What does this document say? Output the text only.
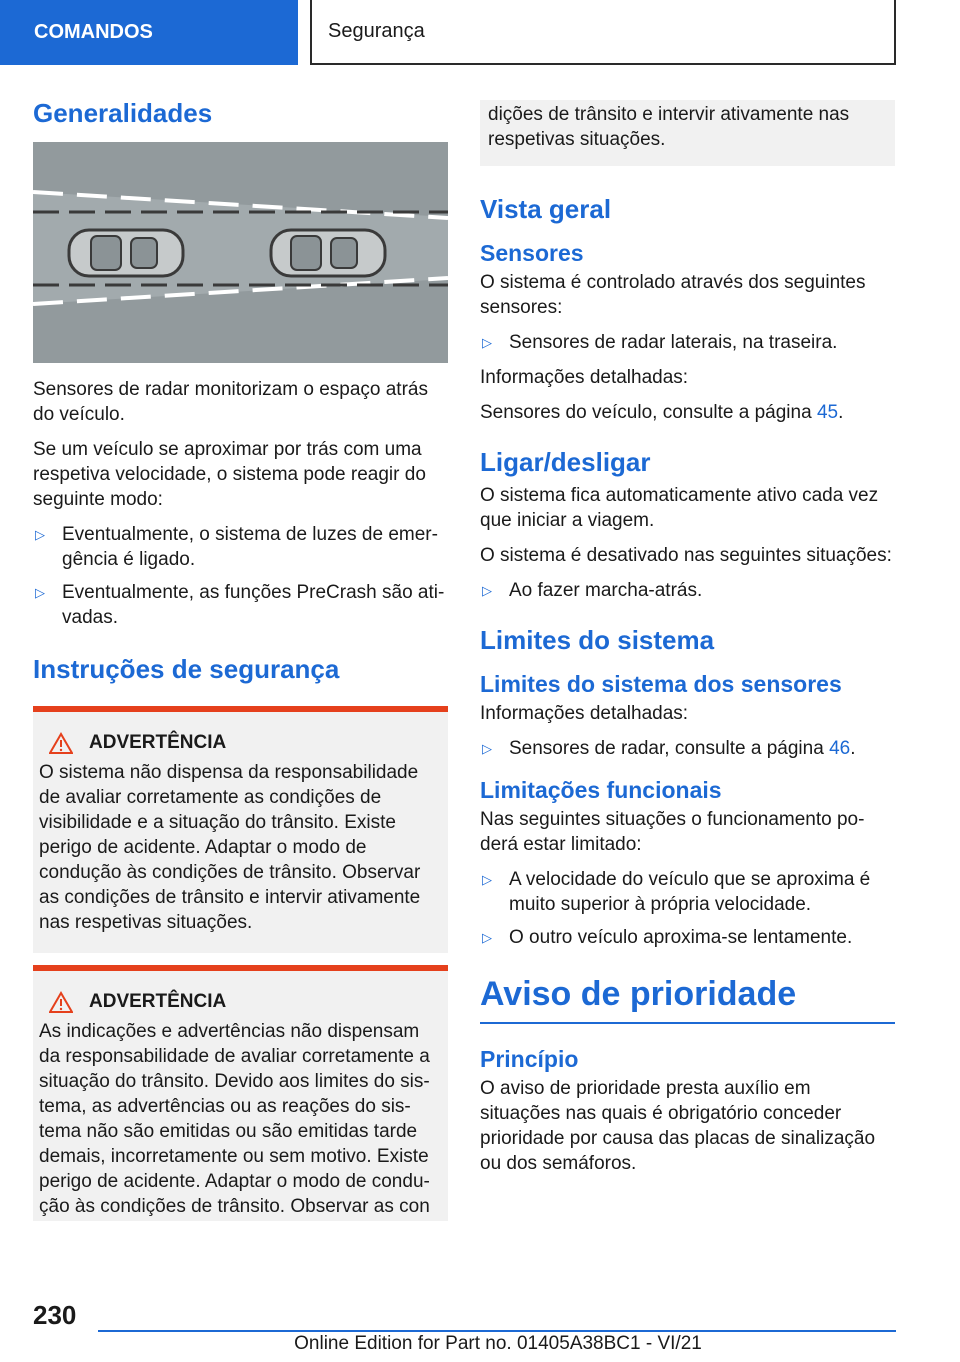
COMANDOS	Segurança
Generalidades

Sensores de radar monitorizam o espaço atrás do veículo.

Se um veículo se aproximar por trás com uma respetiva velocidade, o sistema pode reagir do seguinte modo:

▷ Eventualmente, o sistema de luzes de emergência é ligado.
▷ Eventualmente, as funções PreCrash são ativadas.
Instruções de segurança
ADVERTÊNCIA

O sistema não dispensa da responsabilidade de avaliar corretamente as condições de visibilidade e a situação do trânsito. Existe perigo de acidente. Adaptar o modo de condução às condições de trânsito. Observar as condições de trânsito e intervir ativamente nas respetivas situações.

ADVERTÊNCIA

As indicações e advertências não dispensam da responsabilidade de avaliar corretamente a situação do trânsito. Devido aos limites do sistema, as advertências ou as reações do sistema não são emitidas ou são emitidas tarde demais, incorretamente ou sem motivo. Existe perigo de acidente. Adaptar o modo de condução às condições de trânsito. Observar as con

dições de trânsito e intervir ativamente nas respetivas situações.

Vista geral
Sensores

O sistema é controlado através dos seguintes sensores:

▷ Sensores de radar laterais, na traseira.

Informações detalhadas:

Sensores do veículo, consulte a página 45.

Ligar/desligar

O sistema fica automaticamente ativo cada vez que iniciar a viagem.

O sistema é desativado nas seguintes situações:

▷ Ao fazer marcha-atrás.
Limites do sistema
Limites do sistema dos sensores

Informações detalhadas:

▷ Sensores de radar, consulte a página 46.
Limitações funcionais

Nas seguintes situações o funcionamento poderá estar limitado:

▷ A velocidade do veículo que se aproxima é muito superior à própria velocidade.
▷ O outro veículo aproxima-se lentamente.
Aviso de prioridade
Princípio

O aviso de prioridade presta auxílio em situações nas quais é obrigatório conceder prioridade por causa das placas de sinalização ou dos semáforos.

230
Online Edition for Part no. 01405A38BC1 - VI/21
